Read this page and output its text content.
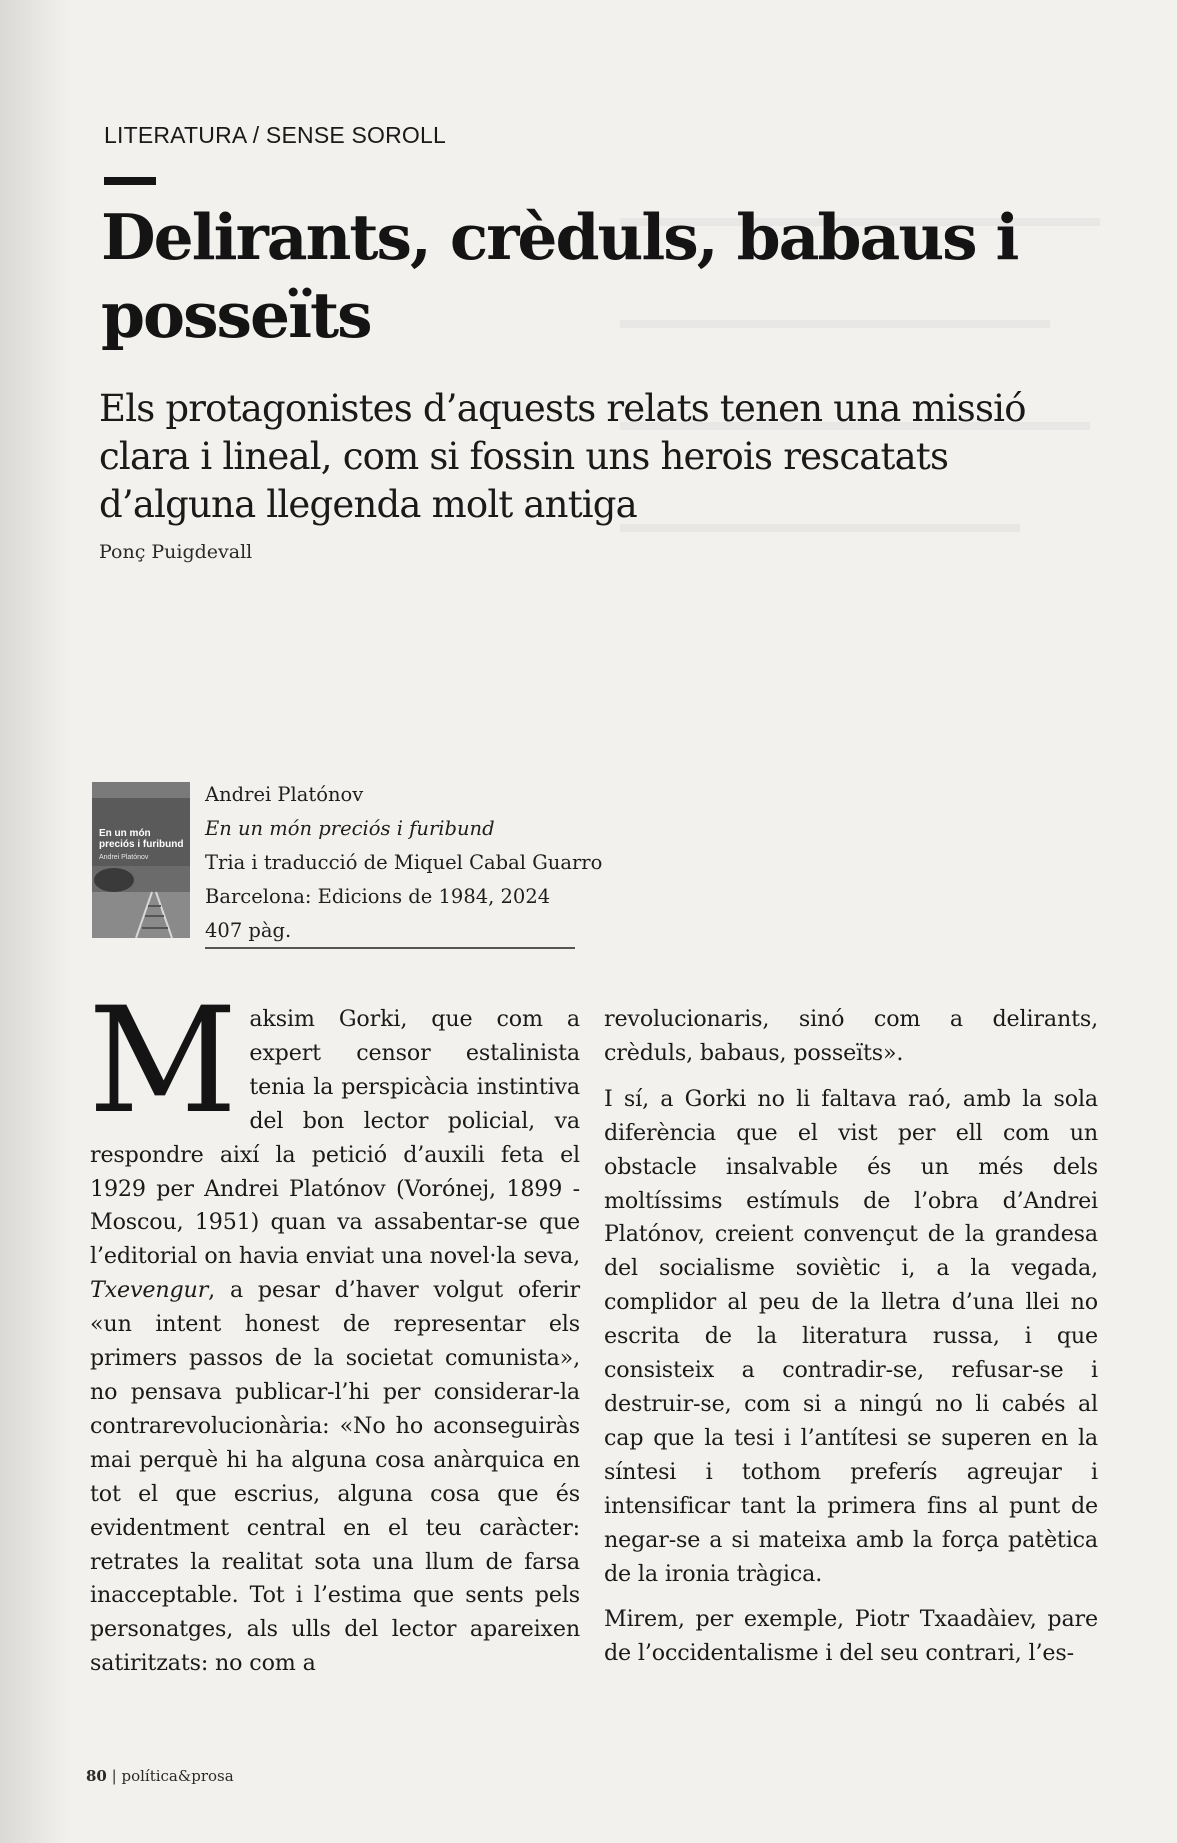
LITERATURA / SENSE SOROLL
Delirants, crèduls, babaus i posseïts

Els protagonistes d’aquests relats tenen una missió clara i lineal, com si fossin uns herois rescatats d’alguna llegenda molt antiga

Ponç Puigdevall
En un món preciós i furibund
Andrei Platónov
Andrei Platónov
En un món preciós i furibund
Tria i traducció de Miquel Cabal Guarro
Barcelona: Edicions de 1984, 2024
407 pàg.

Maksim Gorki, que com a expert censor estalinista tenia la perspicàcia instintiva del bon lector policial, va respondre així la petició d’auxili feta el 1929 per Andrei Platónov (Vorónej, 1899 - Moscou, 1951) quan va assabentar-se que l’editorial on havia enviat una novel·la seva, Txevengur, a pesar d’haver volgut oferir «un intent honest de representar els primers passos de la societat comunista», no pensava publicar-l’hi per considerar-la contrarevolucionària: «No ho aconseguiràs mai perquè hi ha alguna cosa anàrquica en tot el que escrius, alguna cosa que és evidentment central en el teu caràcter: retrates la realitat sota una llum de farsa inacceptable. Tot i l’estima que sents pels personatges, als ulls del lector apareixen satiritzats: no com a

revolucionaris, sinó com a delirants, crèduls, babaus, posseïts».

I sí, a Gorki no li faltava raó, amb la sola diferència que el vist per ell com un obstacle insalvable és un més dels moltíssims estímuls de l’obra d’Andrei Platónov, creient convençut de la grandesa del socialisme soviètic i, a la vegada, complidor al peu de la lletra d’una llei no escrita de la literatura russa, i que consisteix a contradir-se, refusar-se i destruir-se, com si a ningú no li cabés al cap que la tesi i l’antítesi se superen en la síntesi i tothom preferís agreujar i intensificar tant la primera fins al punt de negar-se a si mateixa amb la força patètica de la ironia tràgica.

Mirem, per exemple, Piotr Txaadàiev, pare de l’occidentalisme i del seu contrari, l’es-

80 | política&prosa
